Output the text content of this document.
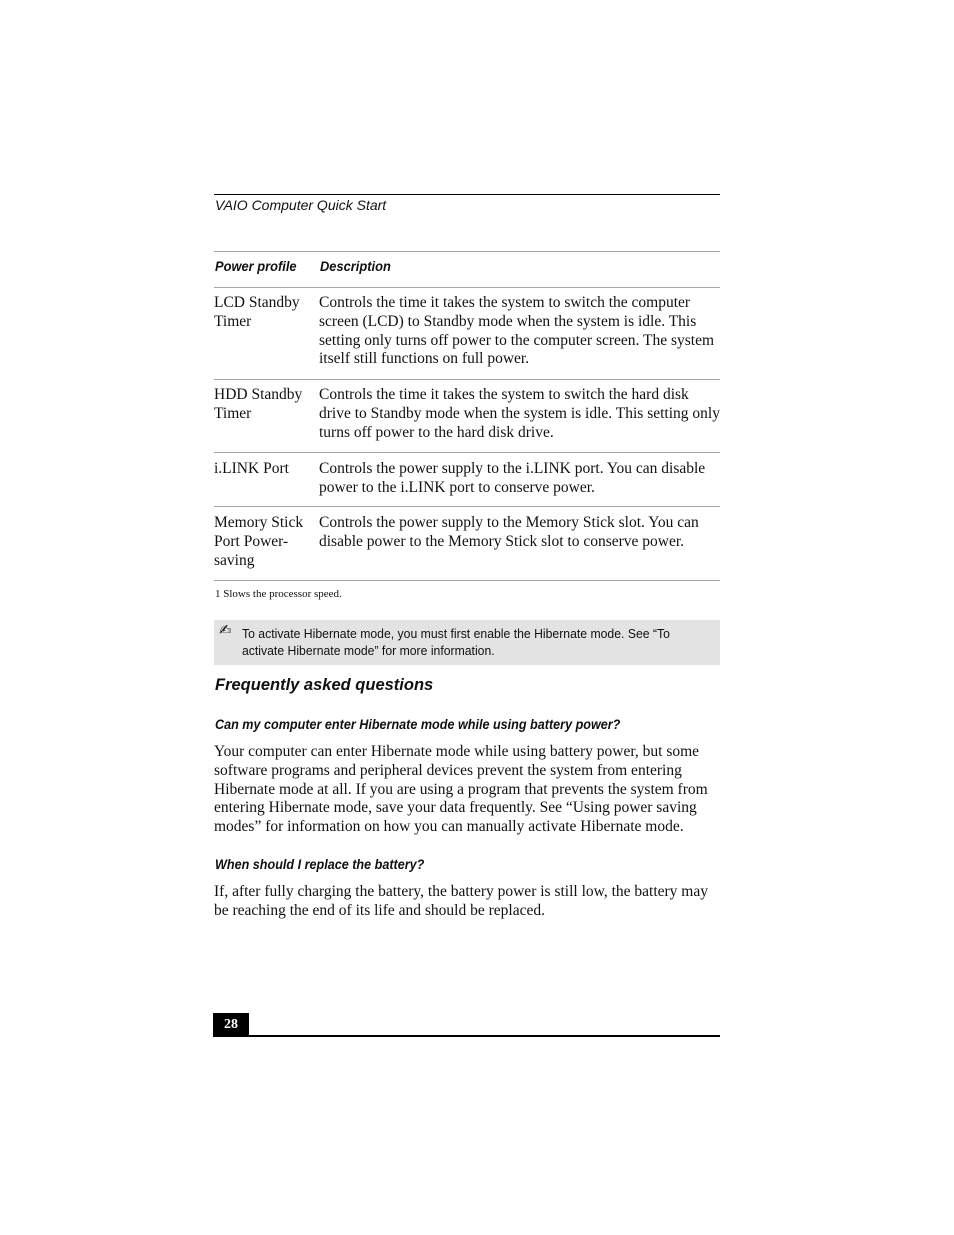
VAIO Computer Quick Start
Power profile Description
LCD Standby Timer
Controls the time it takes the system to switch the computer screen (LCD) to Standby mode when the system is idle. This setting only turns off power to the computer screen. The system itself still functions on full power.
HDD Standby Timer
Controls the time it takes the system to switch the hard disk drive to Standby mode when the system is idle. This setting only turns off power to the hard disk drive.
i.LINK Port	Controls the power supply to the i.LINK port. You can disable power to the i.LINK port to conserve power.
Memory Stick Port Power-saving
Controls the power supply to the Memory Stick slot. You can disable power to the Memory Stick slot to conserve power.
1 Slows the processor speed.
✍ To activate Hibernate mode, you must first enable the Hibernate mode. See “To activate Hibernate mode” for more information.
Frequently asked questions
Can my computer enter Hibernate mode while using battery power?
Your computer can enter Hibernate mode while using battery power, but some software programs and peripheral devices prevent the system from entering Hibernate mode at all. If you are using a program that prevents the system from entering Hibernate mode, save your data frequently. See “Using power saving modes” for information on how you can manually activate Hibernate mode.
When should I replace the battery?
If, after fully charging the battery, the battery power is still low, the battery may be reaching the end of its life and should be replaced.
28
